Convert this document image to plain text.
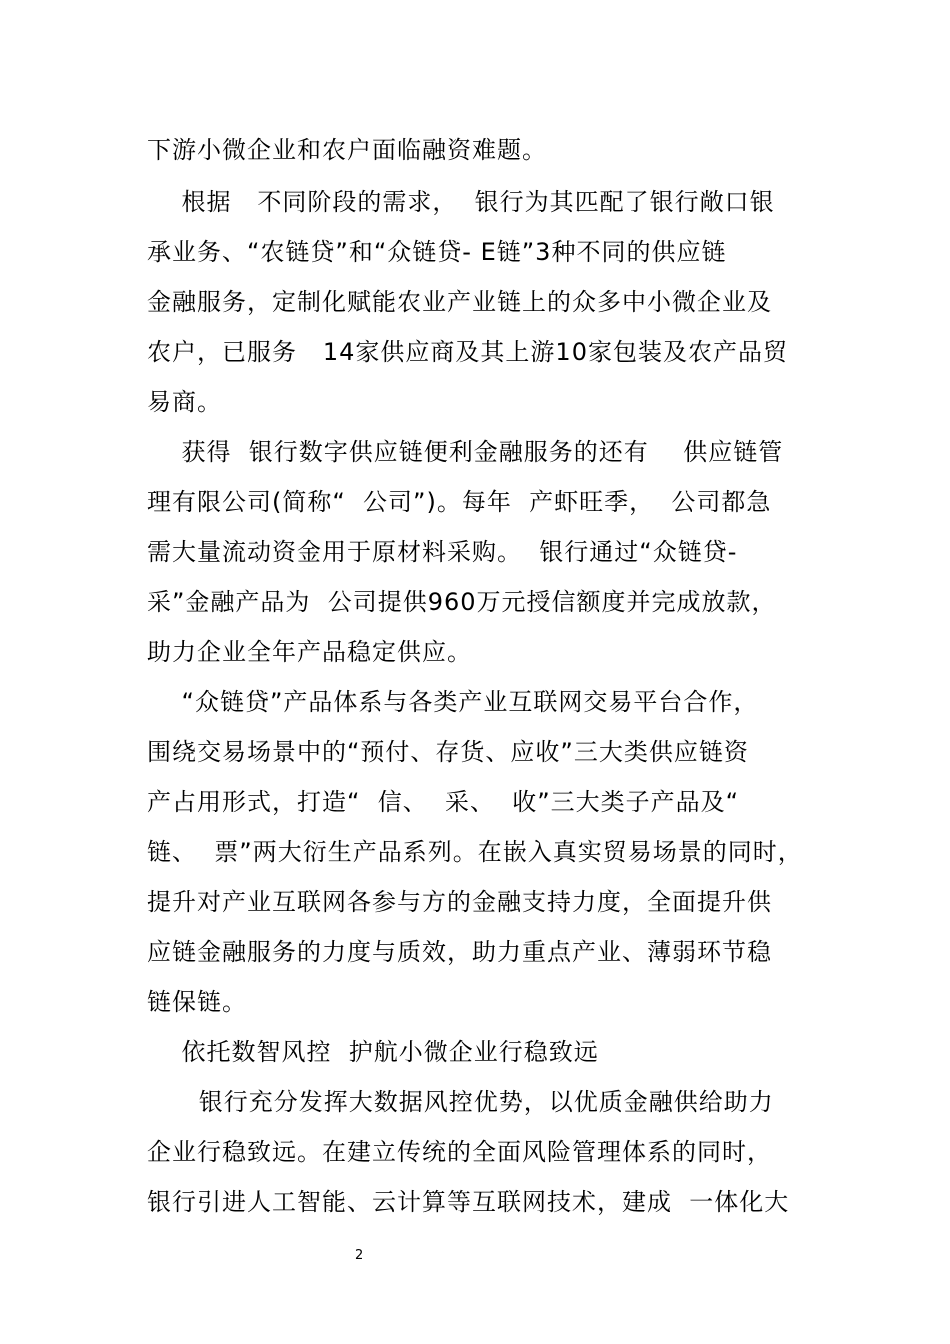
下游小微企业和农户面临融资难题。
根据   不同阶段的需求，  银行为其匹配了银行敞口银
承业务、“农链贷”和“众链贷- E链”3种不同的供应链
金融服务，定制化赋能农业产业链上的众多中小微企业及
农户，已服务   14家供应商及其上游10家包装及农产品贸
易商。
获得  银行数字供应链便利金融服务的还有    供应链管
理有限公司(简称“  公司”)。每年  产虾旺季，  公司都急
需大量流动资金用于原材料采购。  银行通过“众链贷-
采”金融产品为  公司提供960万元授信额度并完成放款，
助力企业全年产品稳定供应。
“众链贷”产品体系与各类产业互联网交易平台合作，
围绕交易场景中的“预付、存货、应收”三大类供应链资
产占用形式，打造“  信、  采、  收”三大类子产品及“
链、  票”两大衍生产品系列。在嵌入真实贸易场景的同时，
提升对产业互联网各参与方的金融支持力度，全面提升供
应链金融服务的力度与质效，助力重点产业、薄弱环节稳
链保链。
依托数智风控  护航小微企业行稳致远
银行充分发挥大数据风控优势，以优质金融供给助力
企业行稳致远。在建立传统的全面风险管理体系的同时，
银行引进人工智能、云计算等互联网技术，建成  一体化大
2
